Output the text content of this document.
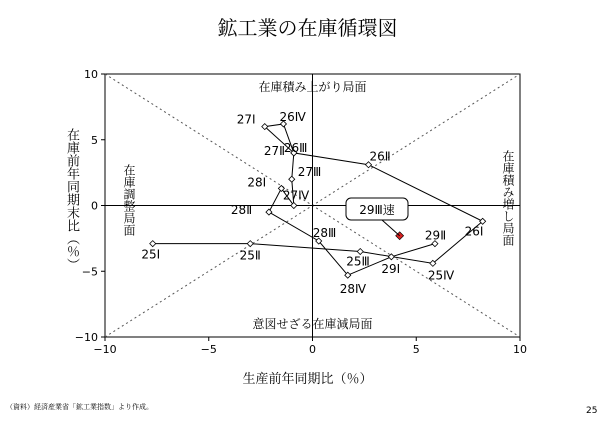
鉱工業の在庫循環図
−10
−10
−5
−5
0
0
5
5
10
10
在庫積み上がり局面
意図せざる在庫減局面
在庫積み増し局面
在庫調整局面
25Ⅰ	25Ⅱ	25Ⅲ
25Ⅳ
26Ⅰ
26Ⅱ
26Ⅲ
26Ⅳ
27Ⅰ
27Ⅱ
27Ⅲ
27Ⅳ
28Ⅰ
28Ⅱ
28Ⅲ
28Ⅳ
29Ⅰ
29Ⅱ
29Ⅲ速
在庫前年同期末比（％）
生産前年同期比（％）
（資料）経済産業省「鉱工業指数」より作成。	25
